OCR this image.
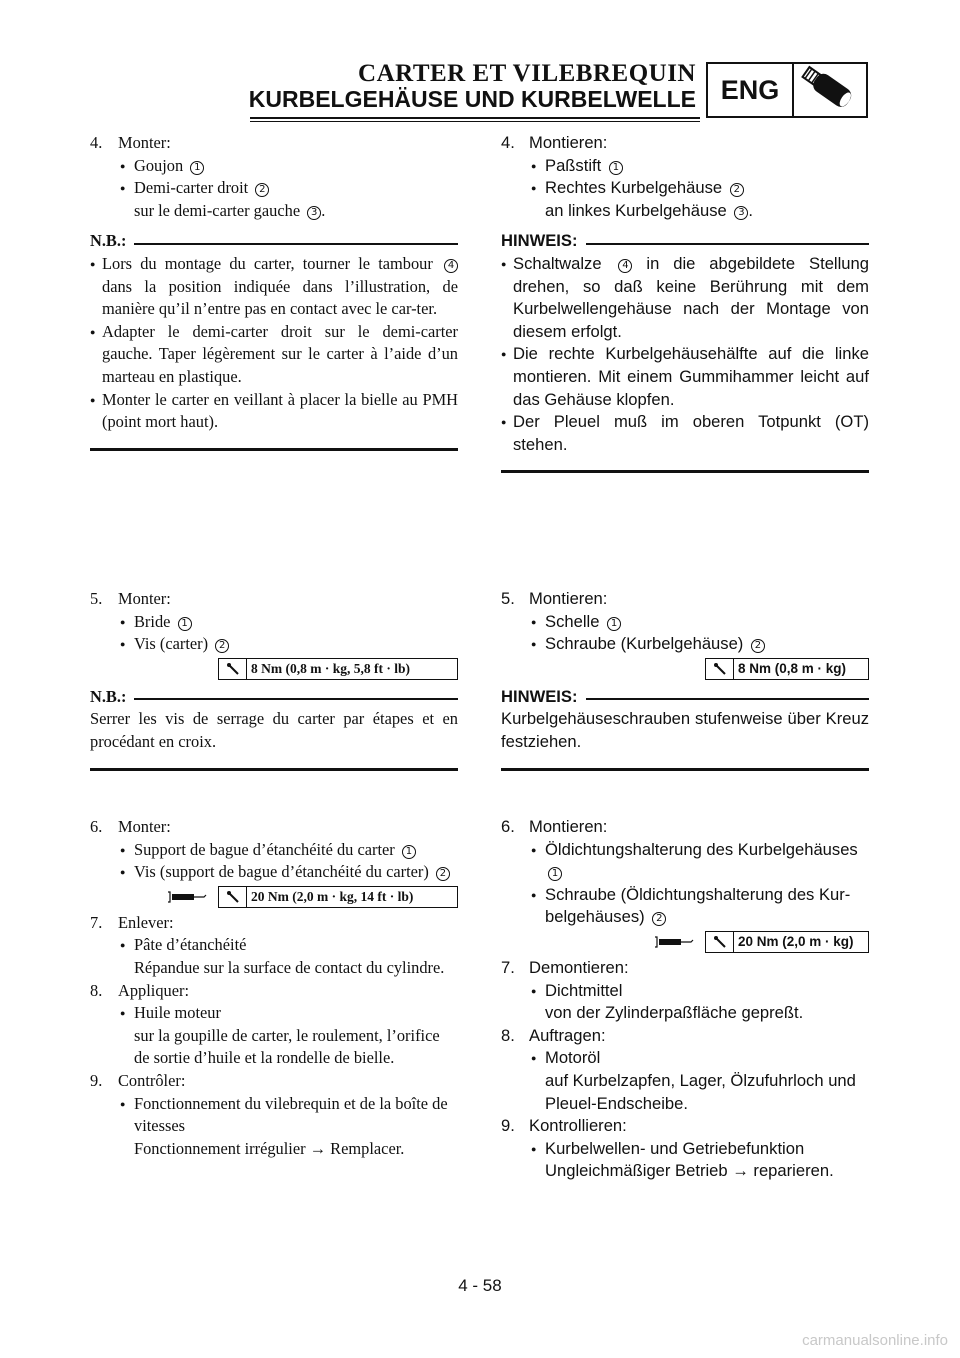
CARTER ET VILEBREQUIN
KURBELGEHÄUSE UND KURBELWELLE ENG
4. Monter:
● Goujon 1
● Demi-carter droit 2
sur le demi-carter gauche 3 .
N.B.:
● Lors du montage du carter, tourner le tambour 4 dans la position indiquée dans l’illustration, de manière qu’il n’entre pas en contact avec le car-ter.
● Adapter le demi-carter droit sur le demi-carter gauche. Taper légèrement sur le carter à l’aide d’un marteau en plastique.
● Monter le carter en veillant à placer la bielle au PMH (point mort haut).
5. Monter:
● Bride 1
● Vis (carter) 2
8 Nm (0,8 m · kg, 5,8 ft · lb)
N.B.:
Serrer les vis de serrage du carter par étapes et en procédant en croix.
6. Monter:
● Support de bague d’étanchéité du carter 1
● Vis (support de bague d’étanchéité du carter) 2
20 Nm (2,0 m · kg, 14 ft · lb)
7. Enlever:
● Pâte d’étanchéité
Répandue sur la surface de contact du cylindre.
8. Appliquer:
● Huile moteur
sur la goupille de carter, le roulement, l’orifice de sortie d’huile et la rondelle de bielle.
9. Contrôler:
● Fonctionnement du vilebrequin et de la boîte de vitesses
Fonctionnement irrégulier → Remplacer.
4. Montieren:
● Paßstift 1
● Rechtes Kurbelgehäuse 2
an linkes Kurbelgehäuse 3 .
HINWEIS:
● Schaltwalze 4 in die abgebildete Stellung drehen, so daß keine Berührung mit dem Kurbelwellengehäuse nach der Montage von diesem erfolgt.
● Die rechte Kurbelgehäusehälfte auf die linke montieren. Mit einem Gummihammer leicht auf das Gehäuse klopfen.
● Der Pleuel muß im oberen Totpunkt (OT) stehen.
5. Montieren:
● Schelle 1
● Schraube (Kurbelgehäuse) 2
8 Nm (0,8 m · kg)
HINWEIS:
Kurbelgehäuseschrauben stufenweise über Kreuz festziehen.
6. Montieren:
● Öldichtungshalterung des Kurbelgehäuses 1
● Schraube (Öldichtungshalterung des Kur-belgehäuses) 2
20 Nm (2,0 m · kg)
7. Demontieren:
● Dichtmittel
von der Zylinderpaßfläche gepreßt.
8. Auftragen:
● Motoröl
auf Kurbelzapfen, Lager, Ölzufuhrloch und Pleuel-Endscheibe.
9. Kontrollieren:
● Kurbelwellen- und Getriebefunktion
Ungleichmäßiger Betrieb → reparieren.
4 - 58
carmanualsonline.info
